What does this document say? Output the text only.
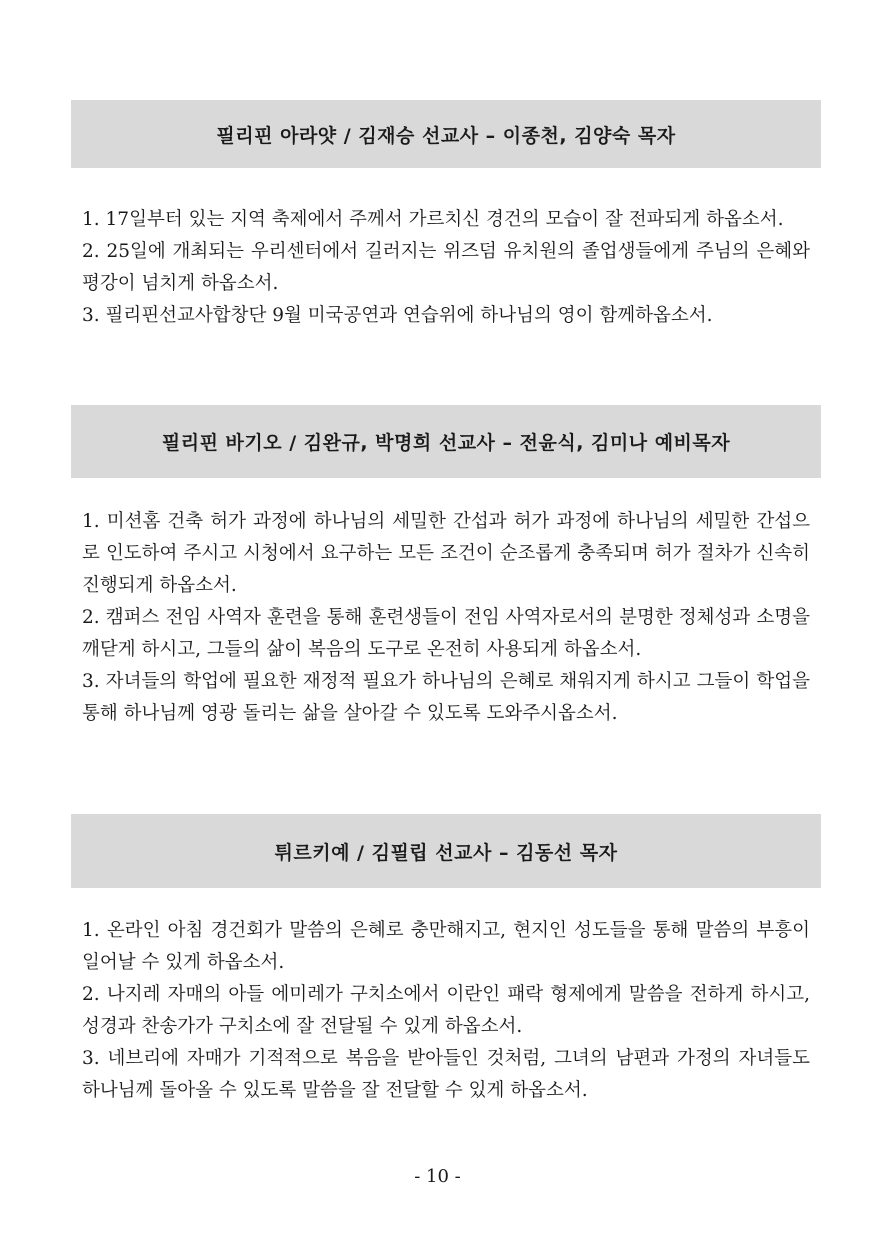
필리핀 아라얏 / 김재승 선교사 – 이종천, 김양숙 목자

1. 17일부터 있는 지역 축제에서 주께서 가르치신 경건의 모습이 잘 전파되게 하옵소서.

2. 25일에 개최되는 우리센터에서 길러지는 위즈덤 유치원의 졸업생들에게 주님의 은혜와 평강이 넘치게 하옵소서.

3. 필리핀선교사합창단 9월 미국공연과 연습위에 하나님의 영이 함께하옵소서.

필리핀 바기오 / 김완규, 박명희 선교사 – 전윤식, 김미나 예비목자

1. 미션홈 건축 허가 과정에 하나님의 세밀한 간섭과 허가 과정에 하나님의 세밀한 간섭으로 인도하여 주시고 시청에서 요구하는 모든 조건이 순조롭게 충족되며 허가 절차가 신속히 진행되게 하옵소서.

2. 캠퍼스 전임 사역자 훈련을 통해 훈련생들이 전임 사역자로서의 분명한 정체성과 소명을 깨닫게 하시고, 그들의 삶이 복음의 도구로 온전히 사용되게 하옵소서.

3. 자녀들의 학업에 필요한 재정적 필요가 하나님의 은혜로 채워지게 하시고 그들이 학업을 통해 하나님께 영광 돌리는 삶을 살아갈 수 있도록 도와주시옵소서.

튀르키예 / 김필립 선교사 – 김동선 목자

1. 온라인 아침 경건회가 말씀의 은혜로 충만해지고, 현지인 성도들을 통해 말씀의 부흥이 일어날 수 있게 하옵소서.

2. 나지레 자매의 아들 에미레가 구치소에서 이란인 패락 형제에게 말씀을 전하게 하시고, 성경과 찬송가가 구치소에 잘 전달될 수 있게 하옵소서.

3. 네브리에 자매가 기적적으로 복음을 받아들인 것처럼, 그녀의 남편과 가정의 자녀들도 하나님께 돌아올 수 있도록 말씀을 잘 전달할 수 있게 하옵소서.

- 10 -
